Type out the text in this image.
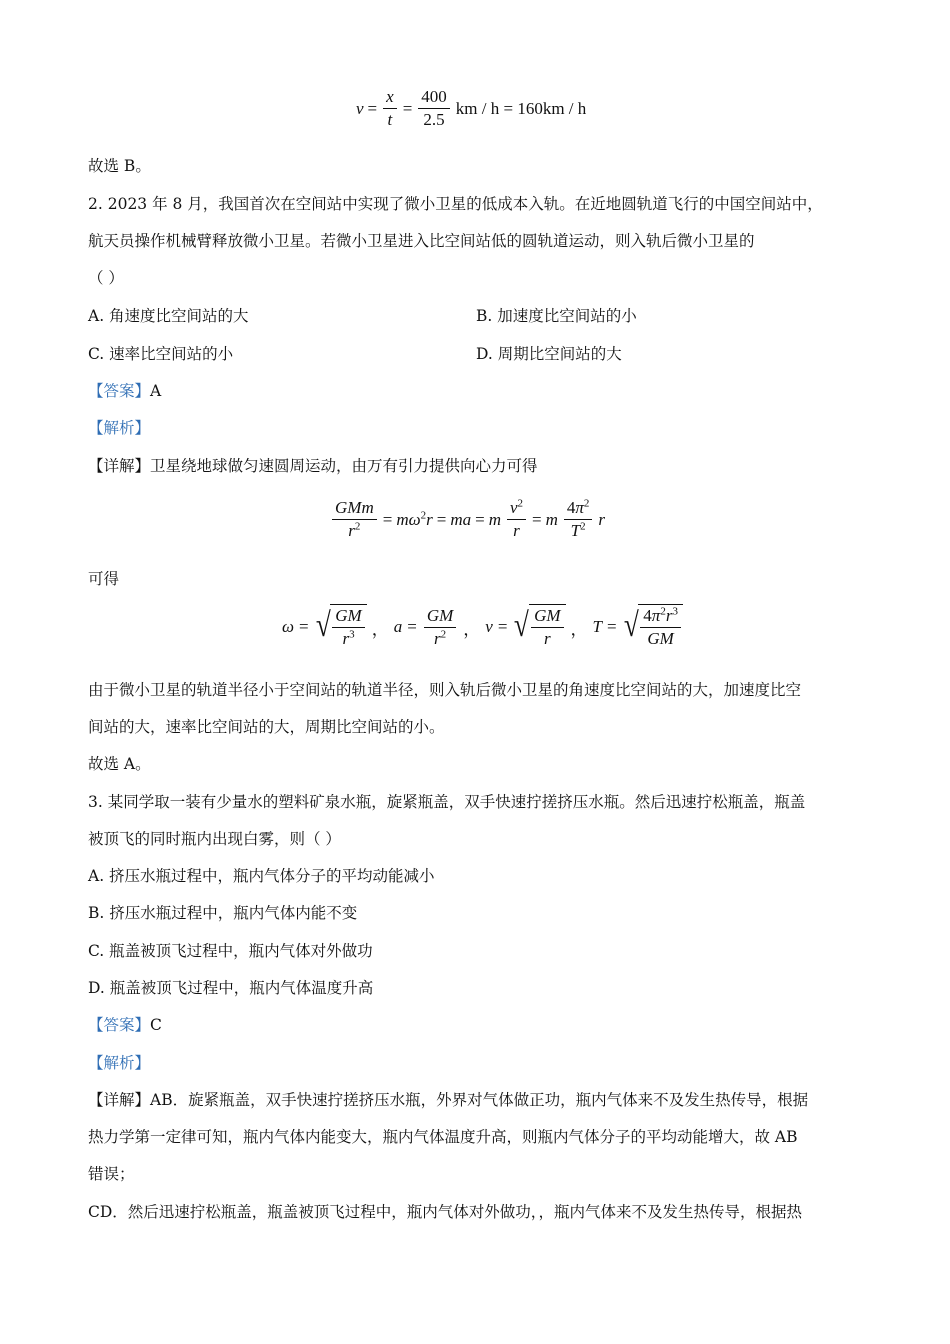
$v = \frac{x}{t} = \frac{400}{2.5}$ km / h = 160km / h
故选 B。
2. 2023 年 8 月，我国首次在空间站中实现了微小卫星的低成本入轨。在近地圆轨道飞行的中国空间站中，
航天员操作机械臂释放微小卫星。若微小卫星进入比空间站低的圆轨道运动，则入轨后微小卫星的
（ ）
A. 角速度比空间站的大	B. 加速度比空间站的小
C. 速率比空间站的小	D. 周期比空间站的大
【答案】A
【解析】
【详解】卫星绕地球做匀速圆周运动，由万有引力提供向心力可得
$\frac{\text{GMm}}{r^2} = m\omega^2r$ = ma = m $\frac{v^2}{r} = m \frac{4\pi^2}{T^2}$ r
可得
ω = √ $\frac{GM}{r^3}$ ， $a = \frac{GM}{r^2}$ ， v = √ $\frac{GM}{r}$ ， T = √ $\frac{4\pi^2r^3}{GM}$
由于微小卫星的轨道半径小于空间站的轨道半径，则入轨后微小卫星的角速度比空间站的大，加速度比空
间站的大，速率比空间站的大，周期比空间站的小。
故选 A。
3. 某同学取一装有少量水的塑料矿泉水瓶，旋紧瓶盖，双手快速拧搓挤压水瓶。然后迅速拧松瓶盖，瓶盖
被顶飞的同时瓶内出现白雾，则（ ）
A. 挤压水瓶过程中，瓶内气体分子的平均动能减小
B. 挤压水瓶过程中，瓶内气体内能不变
C. 瓶盖被顶飞过程中，瓶内气体对外做功
D. 瓶盖被顶飞过程中，瓶内气体温度升高
【答案】C
【解析】
【详解】AB．旋紧瓶盖，双手快速拧搓挤压水瓶，外界对气体做正功，瓶内气体来不及发生热传导，根据
热力学第一定律可知，瓶内气体内能变大，瓶内气体温度升高，则瓶内气体分子的平均动能增大，故 AB
错误；
CD．然后迅速拧松瓶盖，瓶盖被顶飞过程中，瓶内气体对外做功，，瓶内气体来不及发生热传导，根据热
